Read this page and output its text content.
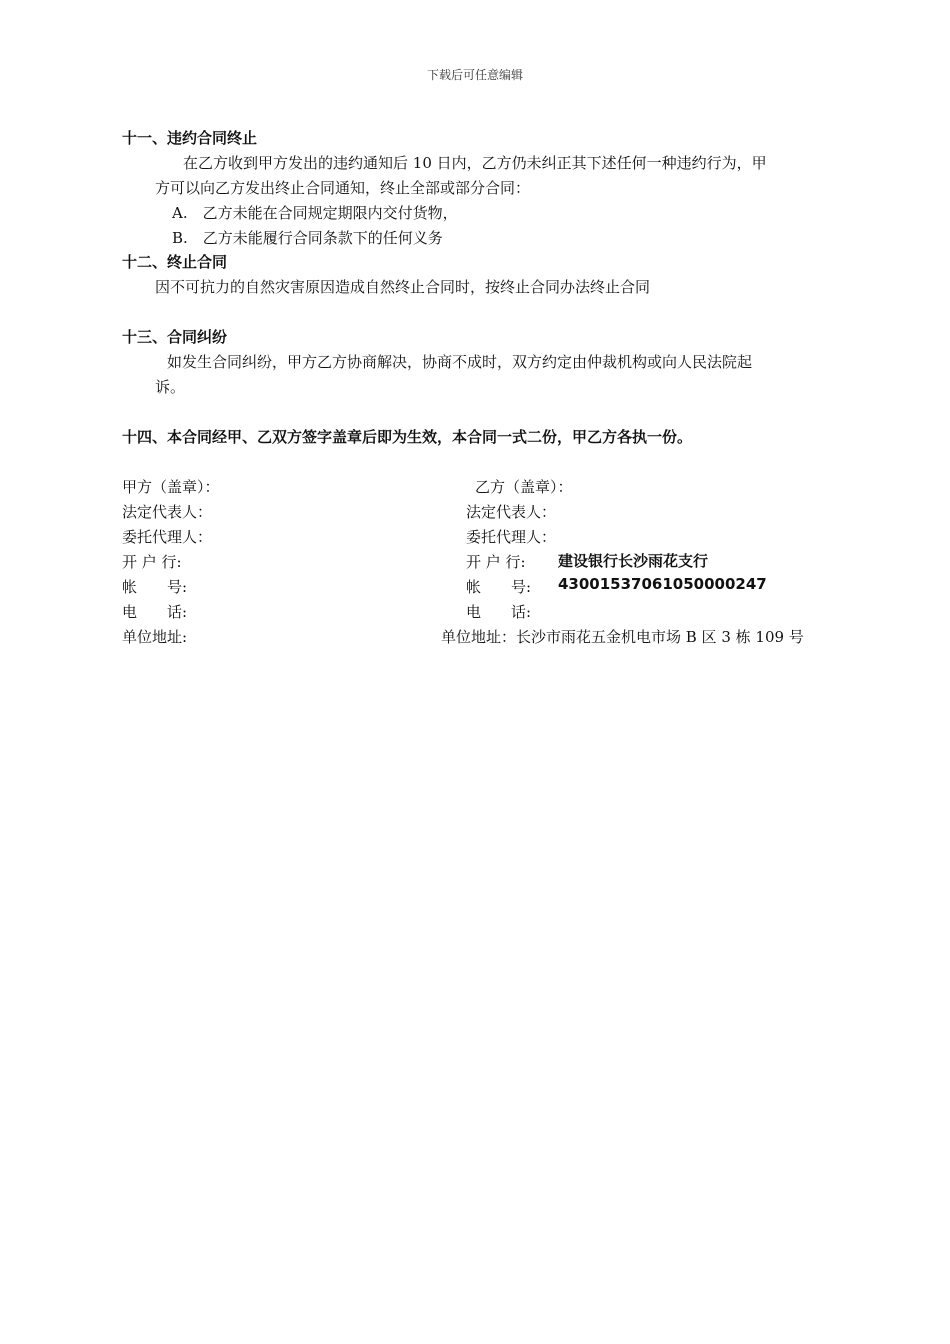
下载后可任意编辑
十一、违约合同终止
在乙方收到甲方发出的违约通知后 10 日内，乙方仍未纠正其下述任何一种违约行为，甲
方可以向乙方发出终止合同通知，终止全部或部分合同：
A.　乙方未能在合同规定期限内交付货物，
B.　乙方未能履行合同条款下的任何义务
十二、终止合同
因不可抗力的自然灾害原因造成自然终止合同时，按终止合同办法终止合同
十三、合同纠纷
如发生合同纠纷，甲方乙方协商解决，协商不成时，双方约定由仲裁机构或向人民法院起
诉。
十四、本合同经甲、乙双方签字盖章后即为生效，本合同一式二份，甲乙方各执一份。
甲方（盖章）：
法定代表人：
委托代理人：
开 户 行:
帐　　号:
电　　话:
单位地址:
乙方（盖章）：
法定代表人：
委托代理人：
开 户 行: 建设银行长沙雨花支行
帐　　号: 43001537061050000247
电　　话:
单位地址：长沙市雨花五金机电市场 B 区 3 栋 109 号
